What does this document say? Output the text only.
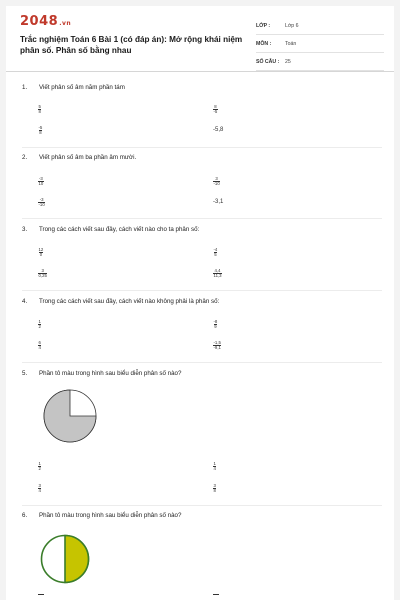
2048.vn
Trắc nghiệm Toán 6 Bài 1 (có đáp án): Mở rộng khái niệm phân số. Phân số bằng nhau
LỚP :	Lớp 6
MÔN :	Toán
SỐ CÂU : 25
1. Viết phân số âm năm phần tám
$\frac{5}{8}$	$\frac{8}{-5}$
$\frac{-5}{8}$	-5,8
2. Viết phân số âm ba phần âm mười.
$\frac{-3}{10}$	$\frac{3}{-10}$
$\frac{-3}{-10}$	-3,1
3. Trong các cách viết sau đây, cách viết nào cho ta phân số:
$\frac{12}{0}$	$\frac{-4}{5}$
$\frac{3}{0,25}$	$\frac{4,4}{11,3}$
4. Trong các cách viết sau đây, cách viết nào không phải là phân số:
$\frac{1}{2}$	$\frac{-8}{9}$
$\frac{6}{4}$	$\frac{-1,5}{-9,1}$
5. Phần tô màu trong hình sau biểu diễn phân số nào?
$\frac{1}{2}$	$\frac{1}{4}$
$\frac{3}{4}$	$\frac{3}{8}$
6. Phần tô màu trong hình sau biểu diễn phân số nào?
